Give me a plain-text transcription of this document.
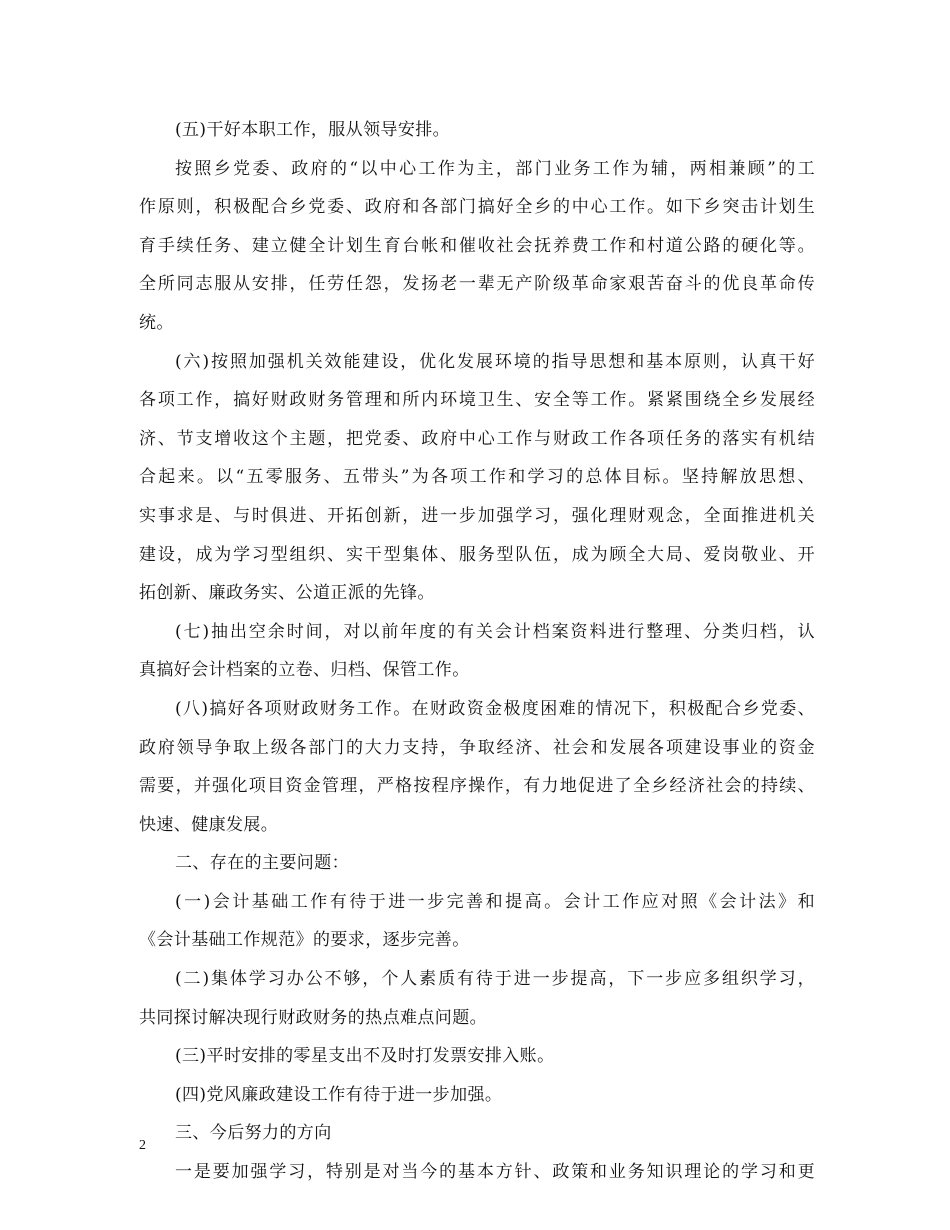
(五)干好本职工作，服从领导安排。
按照乡党委、政府的“以中心工作为主，部门业务工作为辅，两相兼顾”的工
作原则，积极配合乡党委、政府和各部门搞好全乡的中心工作。如下乡突击计划生
育手续任务、建立健全计划生育台帐和催收社会抚养费工作和村道公路的硬化等。
全所同志服从安排，任劳任怨，发扬老一辈无产阶级革命家艰苦奋斗的优良革命传
统。
(六)按照加强机关效能建设，优化发展环境的指导思想和基本原则，认真干好
各项工作，搞好财政财务管理和所内环境卫生、安全等工作。紧紧围绕全乡发展经
济、节支增收这个主题，把党委、政府中心工作与财政工作各项任务的落实有机结
合起来。以“五零服务、五带头”为各项工作和学习的总体目标。坚持解放思想、
实事求是、与时俱进、开拓创新，进一步加强学习，强化理财观念，全面推进机关
建设，成为学习型组织、实干型集体、服务型队伍，成为顾全大局、爱岗敬业、开
拓创新、廉政务实、公道正派的先锋。
(七)抽出空余时间，对以前年度的有关会计档案资料进行整理、分类归档，认
真搞好会计档案的立卷、归档、保管工作。
(八)搞好各项财政财务工作。在财政资金极度困难的情况下，积极配合乡党委、
政府领导争取上级各部门的大力支持，争取经济、社会和发展各项建设事业的资金
需要，并强化项目资金管理，严格按程序操作，有力地促进了全乡经济社会的持续、
快速、健康发展。
二、存在的主要问题：
(一)会计基础工作有待于进一步完善和提高。会计工作应对照《会计法》和
《会计基础工作规范》的要求，逐步完善。
(二)集体学习办公不够，个人素质有待于进一步提高，下一步应多组织学习，
共同探讨解决现行财政财务的热点难点问题。
(三)平时安排的零星支出不及时打发票安排入账。
(四)党风廉政建设工作有待于进一步加强。
三、今后努力的方向
一是要加强学习，特别是对当今的基本方针、政策和业务知识理论的学习和更
2
